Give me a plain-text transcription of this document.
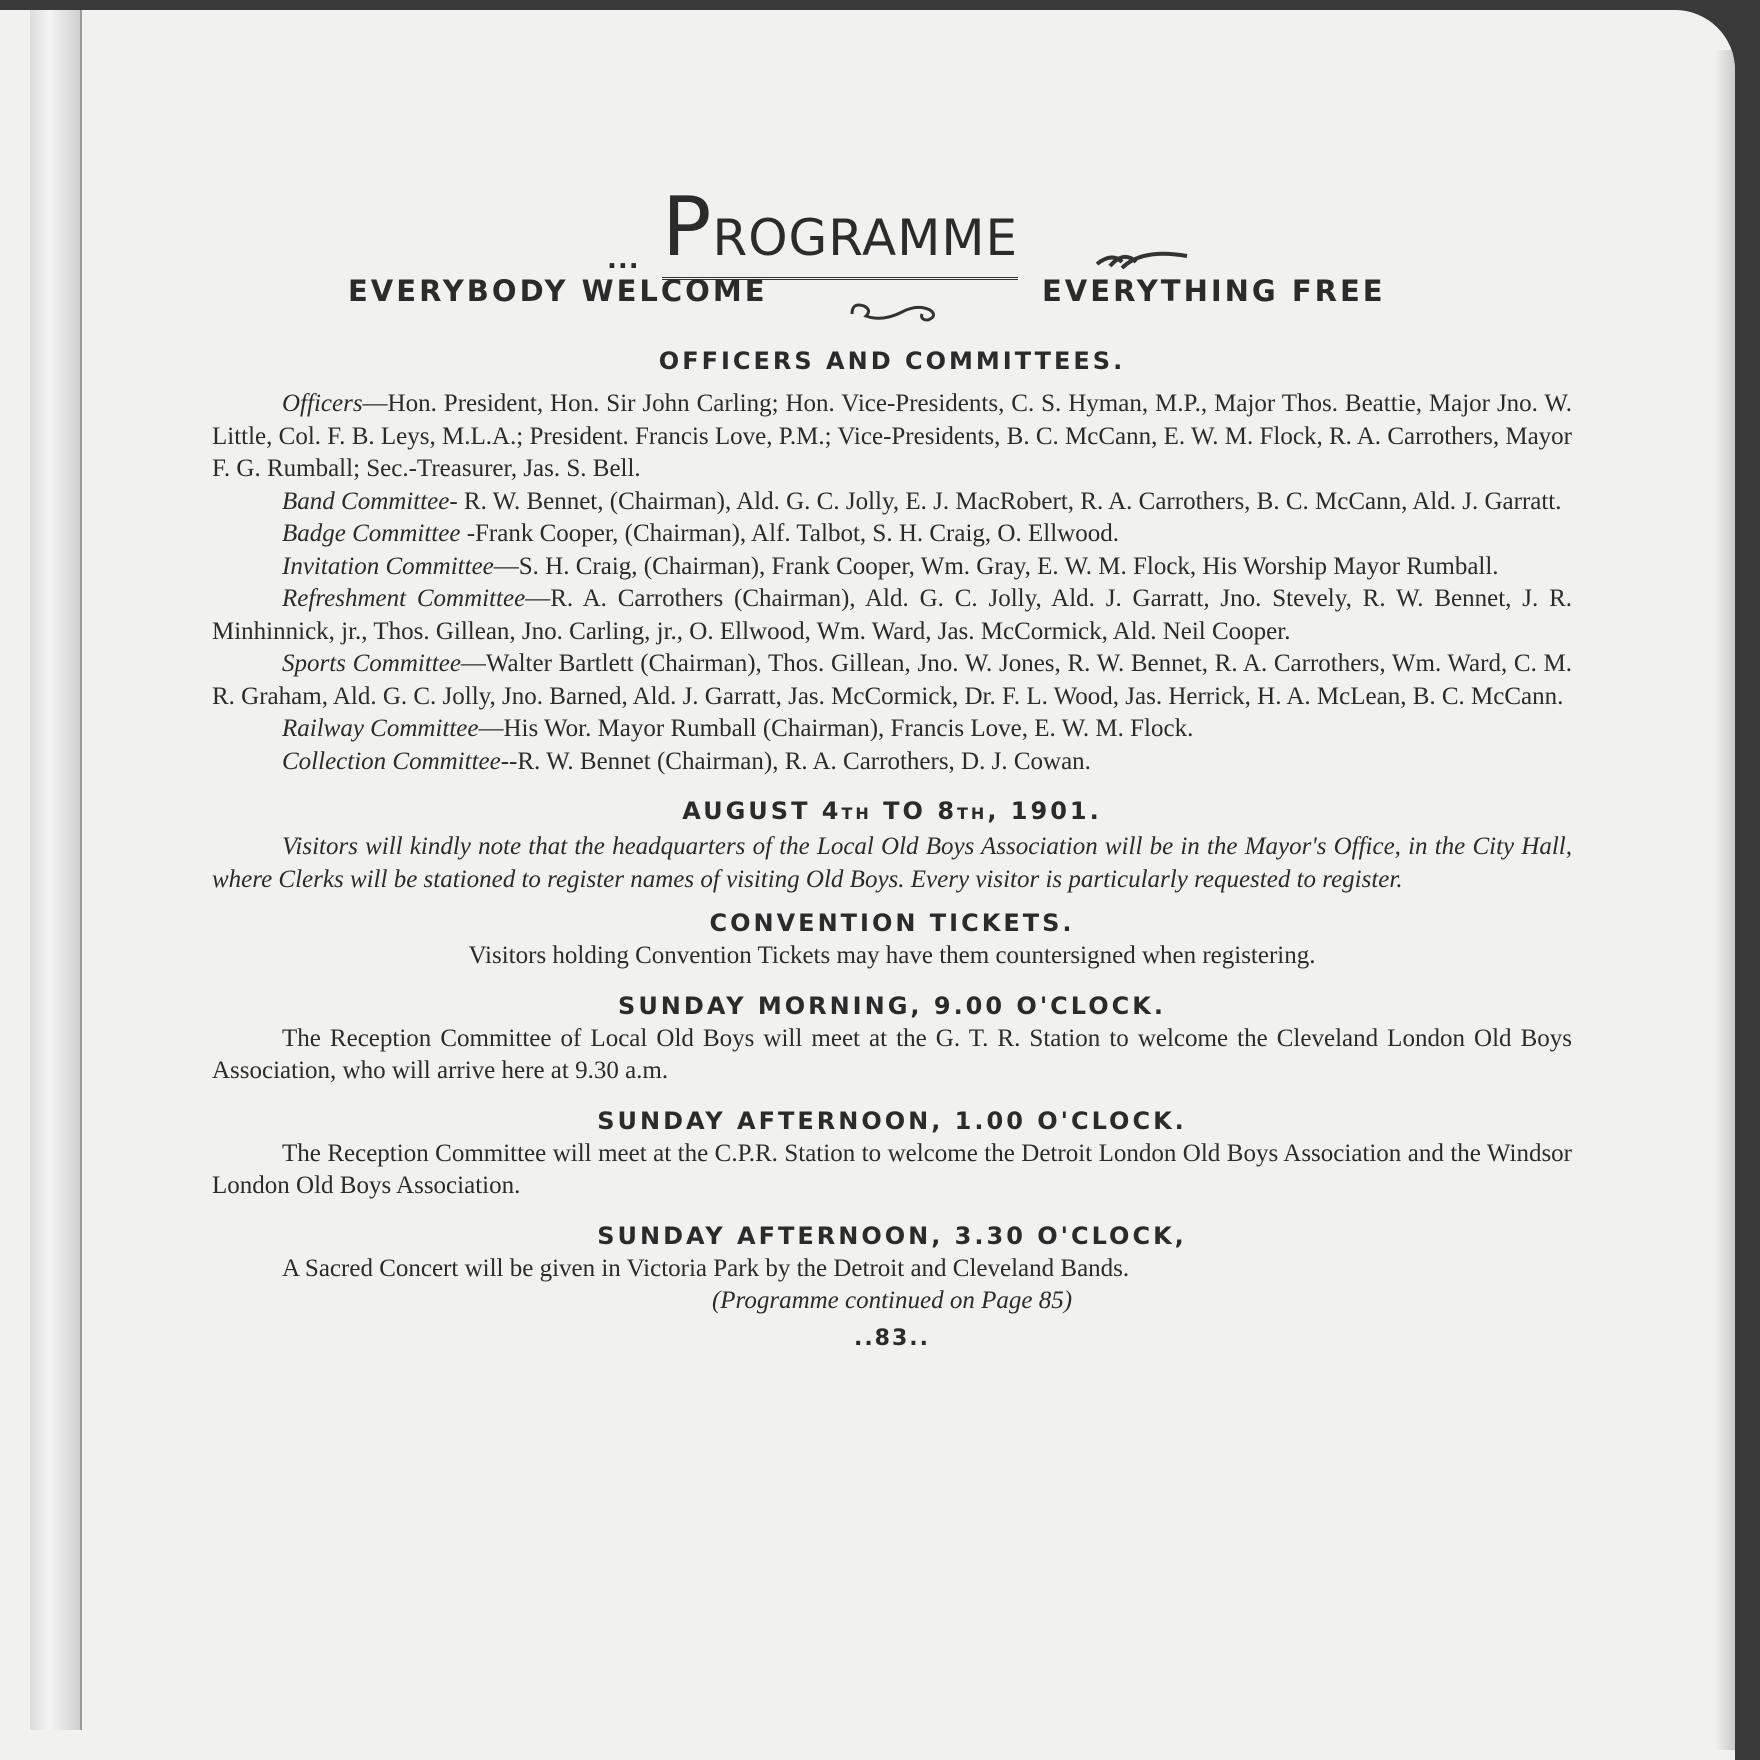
... PROGRAMME
EVERYBODY WELCOME	EVERYTHING FREE
OFFICERS AND COMMITTEES.

Officers—Hon. President, Hon. Sir John Carling; Hon. Vice-Presidents, C. S. Hyman, M.P., Major Thos. Beattie, Major Jno. W. Little, Col. F. B. Leys, M.L.A.; President. Francis Love, P.M.; Vice-Presidents, B. C. McCann, E. W. M. Flock, R. A. Carrothers, Mayor F. G. Rumball; Sec.-Treasurer, Jas. S. Bell.

Band Committee- R. W. Bennet, (Chairman), Ald. G. C. Jolly, E. J. MacRobert, R. A. Carrothers, B. C. McCann, Ald. J. Garratt.

Badge Committee -Frank Cooper, (Chairman), Alf. Talbot, S. H. Craig, O. Ellwood.

Invitation Committee—S. H. Craig, (Chairman), Frank Cooper, Wm. Gray, E. W. M. Flock, His Worship Mayor Rumball.

Refreshment Committee—R. A. Carrothers (Chairman), Ald. G. C. Jolly, Ald. J. Garratt, Jno. Stevely, R. W. Bennet, J. R. Minhinnick, jr., Thos. Gillean, Jno. Carling, jr., O. Ellwood, Wm. Ward, Jas. McCormick, Ald. Neil Cooper.

Sports Committee—Walter Bartlett (Chairman), Thos. Gillean, Jno. W. Jones, R. W. Bennet, R. A. Carrothers, Wm. Ward, C. M. R. Graham, Ald. G. C. Jolly, Jno. Barned, Ald. J. Garratt, Jas. McCormick, Dr. F. L. Wood, Jas. Herrick, H. A. McLean, B. C. McCann.

Railway Committee—His Wor. Mayor Rumball (Chairman), Francis Love, E. W. M. Flock.

Collection Committee--R. W. Bennet (Chairman), R. A. Carrothers, D. J. Cowan.

AUGUST 4TH TO 8TH, 1901.

Visitors will kindly note that the headquarters of the Local Old Boys Association will be in the Mayor's Office, in the City Hall, where Clerks will be stationed to register names of visiting Old Boys. Every visitor is particularly requested to register.

CONVENTION TICKETS.

Visitors holding Convention Tickets may have them countersigned when registering.

SUNDAY MORNING, 9.00 O'CLOCK.

The Reception Committee of Local Old Boys will meet at the G. T. R. Station to welcome the Cleveland London Old Boys Association, who will arrive here at 9.30 a.m.

SUNDAY AFTERNOON, 1.00 O'CLOCK.

The Reception Committee will meet at the C.P.R. Station to welcome the Detroit London Old Boys Association and the Windsor London Old Boys Association.

SUNDAY AFTERNOON, 3.30 O'CLOCK,

A Sacred Concert will be given in Victoria Park by the Detroit and Cleveland Bands.

(Programme continued on Page 85)

..83..
